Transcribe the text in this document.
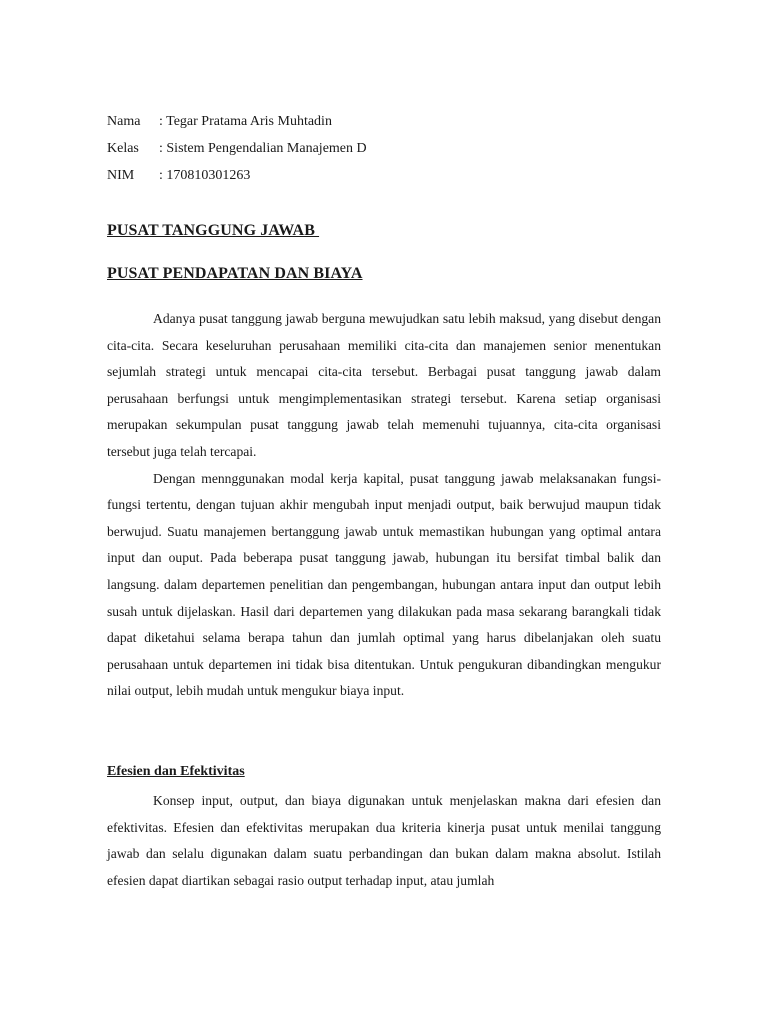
Nama	: Tegar Pratama Aris Muhtadin
Kelas	: Sistem Pengendalian Manajemen D
NIM	: 170810301263
PUSAT TANGGUNG JAWAB
PUSAT PENDAPATAN DAN BIAYA

Adanya pusat tanggung jawab berguna mewujudkan satu lebih maksud, yang disebut dengan cita-cita. Secara keseluruhan perusahaan memiliki cita-cita dan manajemen senior menentukan sejumlah strategi untuk mencapai cita-cita tersebut. Berbagai pusat tanggung jawab dalam perusahaan berfungsi untuk mengimplementasikan strategi tersebut. Karena setiap organisasi merupakan sekumpulan pusat tanggung jawab telah memenuhi tujuannya, cita-cita organisasi tersebut juga telah tercapai.

Dengan mennggunakan modal kerja kapital, pusat tanggung jawab melaksanakan fungsi-fungsi tertentu, dengan tujuan akhir mengubah input menjadi output, baik berwujud maupun tidak berwujud. Suatu manajemen bertanggung jawab untuk memastikan hubungan yang optimal antara input dan ouput. Pada beberapa pusat tanggung jawab, hubungan itu bersifat timbal balik dan langsung. dalam departemen penelitian dan pengembangan, hubungan antara input dan output lebih susah untuk dijelaskan. Hasil dari departemen yang dilakukan pada masa sekarang barangkali tidak dapat diketahui selama berapa tahun dan jumlah optimal yang harus dibelanjakan oleh suatu perusahaan untuk departemen ini tidak bisa ditentukan. Untuk pengukuran dibandingkan mengukur nilai output, lebih mudah untuk mengukur biaya input.

Efesien dan Efektivitas

Konsep input, output, dan biaya digunakan untuk menjelaskan makna dari efesien dan efektivitas. Efesien dan efektivitas merupakan dua kriteria kinerja pusat untuk menilai tanggung jawab dan selalu digunakan dalam suatu perbandingan dan bukan dalam makna absolut. Istilah efesien dapat diartikan sebagai rasio output terhadap input, atau jumlah
